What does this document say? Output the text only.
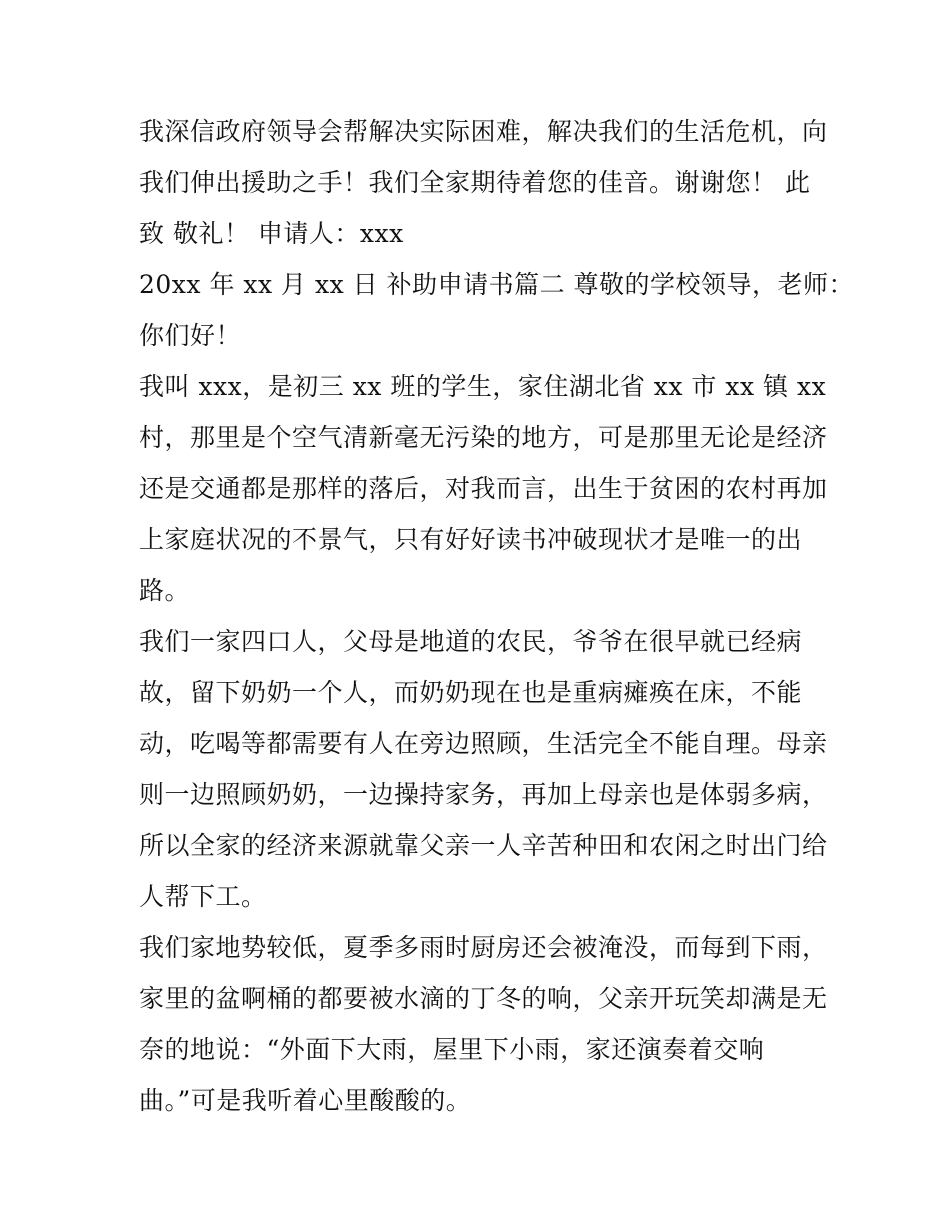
我深信政府领导会帮解决实际困难，解决我们的生活危机，向
我们伸出援助之手！我们全家期待着您的佳音。谢谢您！ 此
致 敬礼！ 申请人：xxx
20xx 年 xx 月 xx 日 补助申请书篇二 尊敬的学校领导，老师：
你们好！
我叫 xxx，是初三 xx 班的学生，家住湖北省 xx 市 xx 镇 xx
村，那里是个空气清新毫无污染的地方，可是那里无论是经济
还是交通都是那样的落后，对我而言，出生于贫困的农村再加
上家庭状况的不景气，只有好好读书冲破现状才是唯一的出
路。
我们一家四口人，父母是地道的农民，爷爷在很早就已经病
故，留下奶奶一个人，而奶奶现在也是重病瘫痪在床，不能
动，吃喝等都需要有人在旁边照顾，生活完全不能自理。母亲
则一边照顾奶奶，一边操持家务，再加上母亲也是体弱多病，
所以全家的经济来源就靠父亲一人辛苦种田和农闲之时出门给
人帮下工。
我们家地势较低，夏季多雨时厨房还会被淹没，而每到下雨，
家里的盆啊桶的都要被水滴的丁冬的响，父亲开玩笑却满是无
奈的地说：“外面下大雨，屋里下小雨，家还演奏着交响
曲。”可是我听着心里酸酸的。
